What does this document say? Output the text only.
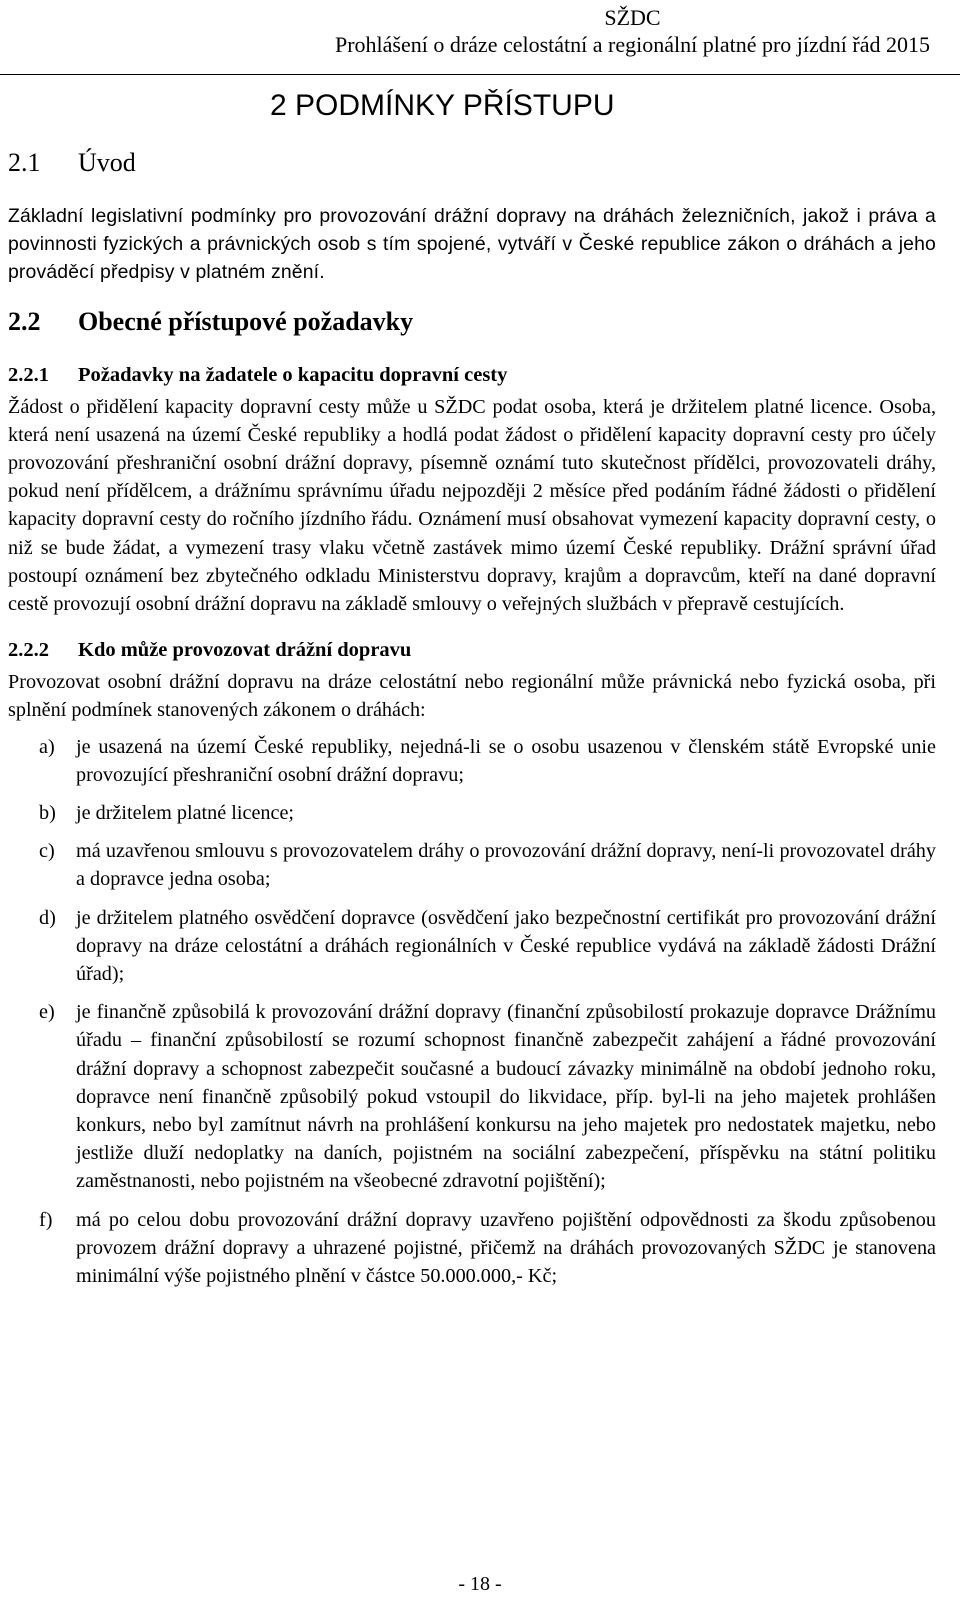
SŽDC
Prohlášení o dráze celostátní a regionální platné pro jízdní řád 2015
2 PODMÍNKY PŘÍSTUPU
2.1 Úvod

Základní legislativní podmínky pro provozování drážní dopravy na dráhách železničních, jakož i práva a povinnosti fyzických a právnických osob s tím spojené, vytváří v České republice zákon o dráhách a jeho prováděcí předpisy v platném znění.

2.2 Obecné přístupové požadavky
2.2.1 Požadavky na žadatele o kapacitu dopravní cesty

Žádost o přidělení kapacity dopravní cesty může u SŽDC podat osoba, která je držitelem platné licence. Osoba, která není usazená na území České republiky a hodlá podat žádost o přidělení kapacity dopravní cesty pro účely provozování přeshraniční osobní drážní dopravy, písemně oznámí tuto skutečnost přídělci, provozovateli dráhy, pokud není přídělcem, a drážnímu správnímu úřadu nejpozději 2 měsíce před podáním řádné žádosti o přidělení kapacity dopravní cesty do ročního jízdního řádu. Oznámení musí obsahovat vymezení kapacity dopravní cesty, o niž se bude žádat, a vymezení trasy vlaku včetně zastávek mimo území České republiky. Drážní správní úřad postoupí oznámení bez zbytečného odkladu Ministerstvu dopravy, krajům a dopravcům, kteří na dané dopravní cestě provozují osobní drážní dopravu na základě smlouvy o veřejných službách v přepravě cestujících.

2.2.2 Kdo může provozovat drážní dopravu

Provozovat osobní drážní dopravu na dráze celostátní nebo regionální může právnická nebo fyzická osoba, při splnění podmínek stanovených zákonem o dráhách:

a) je usazená na území České republiky, nejedná-li se o osobu usazenou v členském státě Evropské unie provozující přeshraniční osobní drážní dopravu;
b) je držitelem platné licence;
c) má uzavřenou smlouvu s provozovatelem dráhy o provozování drážní dopravy, není-li provozovatel dráhy a dopravce jedna osoba;
d) je držitelem platného osvědčení dopravce (osvědčení jako bezpečnostní certifikát pro provozování drážní dopravy na dráze celostátní a dráhách regionálních v České republice vydává na základě žádosti Drážní úřad);
e) je finančně způsobilá k provozování drážní dopravy (finanční způsobilostí prokazuje dopravce Drážnímu úřadu – finanční způsobilostí se rozumí schopnost finančně zabezpečit zahájení a řádné provozování drážní dopravy a schopnost zabezpečit současné a budoucí závazky minimálně na období jednoho roku, dopravce není finančně způsobilý pokud vstoupil do likvidace, příp. byl-li na jeho majetek prohlášen konkurs, nebo byl zamítnut návrh na prohlášení konkursu na jeho majetek pro nedostatek majetku, nebo jestliže dluží nedoplatky na daních, pojistném na sociální zabezpečení, příspěvku na státní politiku zaměstnanosti, nebo pojistném na všeobecné zdravotní pojištění);
f) má po celou dobu provozování drážní dopravy uzavřeno pojištění odpovědnosti za škodu způsobenou provozem drážní dopravy a uhrazené pojistné, přičemž na dráhách provozovaných SŽDC je stanovena minimální výše pojistného plnění v částce 50.000.000,- Kč;
- 18 -
